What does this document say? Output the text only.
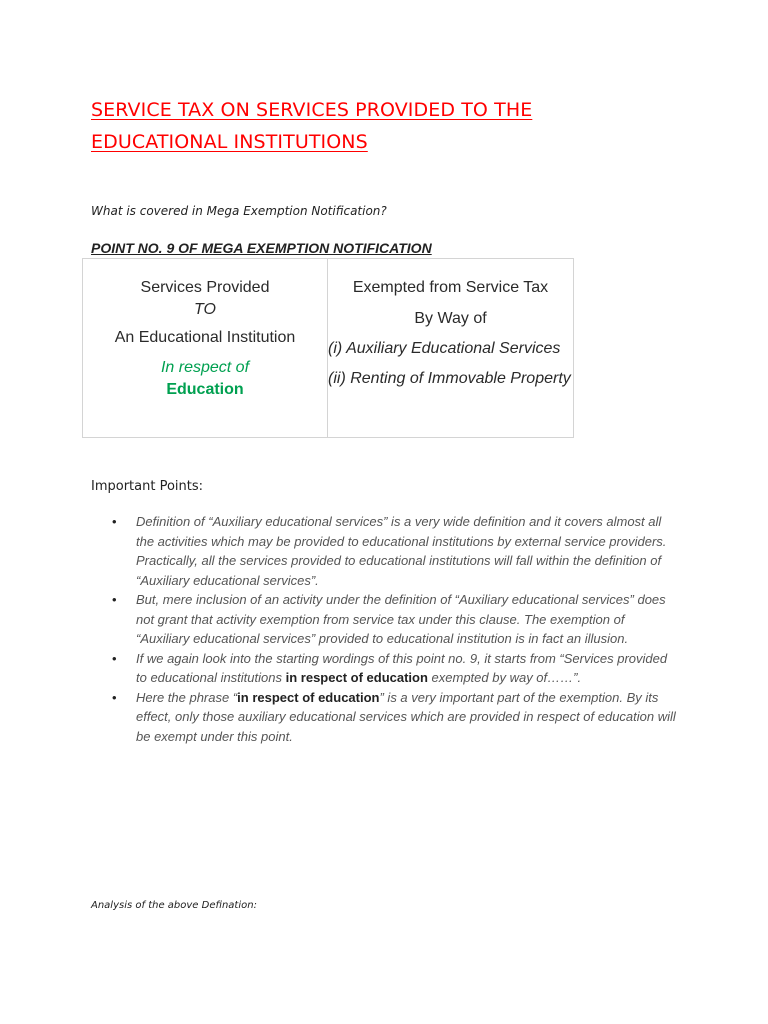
SERVICE TAX ON SERVICES PROVIDED TO THE
EDUCATIONAL INSTITUTIONS
What is covered in Mega Exemption Notification?
POINT NO. 9 OF MEGA EXEMPTION NOTIFICATION
Services Provided
TO
An Educational Institution
In respect of
Education
Exempted from Service Tax
By Way of
(i) Auxiliary Educational Services
(ii) Renting of Immovable Property
Important Points:
• Definition of “Auxiliary educational services” is a very wide definition and it covers almost all the activities which may be provided to educational institutions by external service providers. Practically, all the services provided to educational institutions will fall within the definition of “Auxiliary educational services”.
• But, mere inclusion of an activity under the definition of “Auxiliary educational services” does not grant that activity exemption from service tax under this clause. The exemption of “Auxiliary educational services” provided to educational institution is in fact an illusion.
• If we again look into the starting wordings of this point no. 9, it starts from “Services provided to educational institutions in respect of education exempted by way of……”.
• Here the phrase “in respect of education” is a very important part of the exemption. By its effect, only those auxiliary educational services which are provided in respect of education will be exempt under this point.
Analysis of the above Defination:
